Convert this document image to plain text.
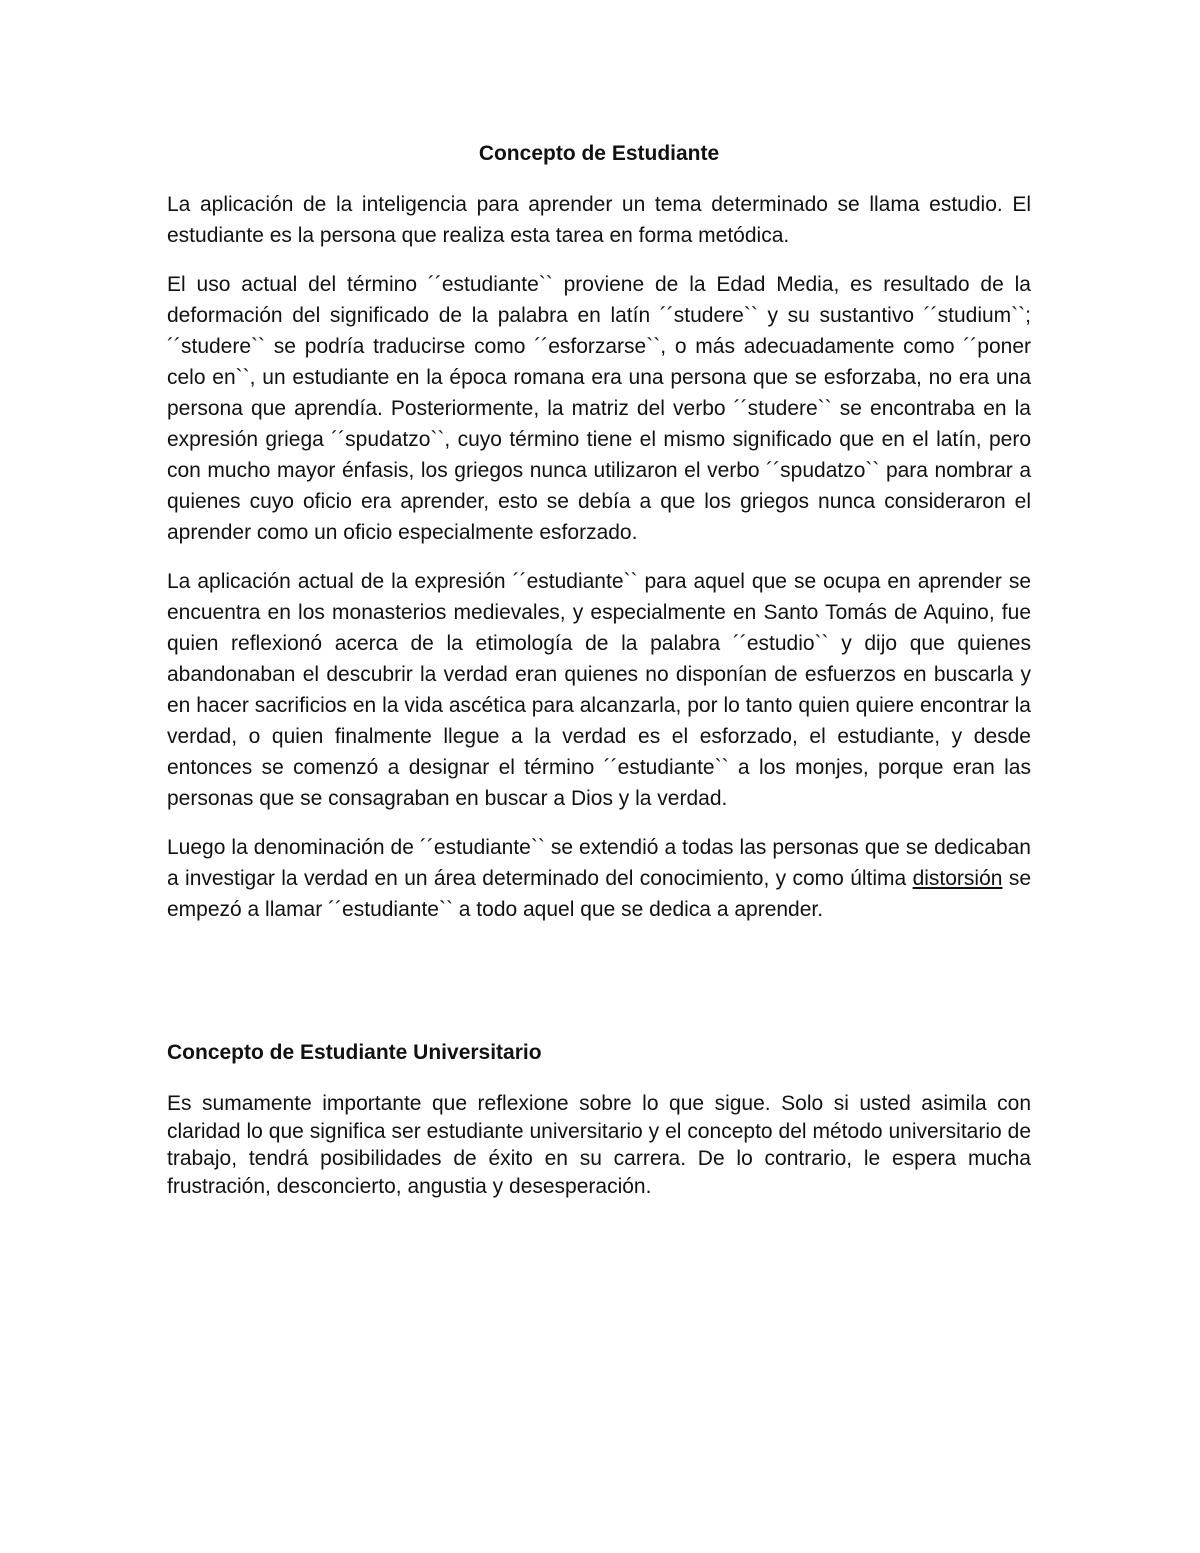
Concepto de Estudiante

La aplicación de la inteligencia para aprender un tema determinado se llama estudio. El estudiante es la persona que realiza esta tarea en forma metódica.

El uso actual del término ´´estudiante`` proviene de la Edad Media, es resultado de la deformación del significado de la palabra en latín ´´studere`` y su sustantivo ´´studium``; ´´studere`` se podría traducirse como ´´esforzarse``, o más adecuadamente como ´´poner celo en``, un estudiante en la época romana era una persona que se esforzaba, no era una persona que aprendía. Posteriormente, la matriz del verbo ´´studere`` se encontraba en la expresión griega ´´spudatzo``, cuyo término tiene el mismo significado que en el latín, pero con mucho mayor énfasis, los griegos nunca utilizaron el verbo ´´spudatzo`` para nombrar a quienes cuyo oficio era aprender, esto se debía a que los griegos nunca consideraron el aprender como un oficio especialmente esforzado.

La aplicación actual de la expresión ´´estudiante`` para aquel que se ocupa en aprender se encuentra en los monasterios medievales, y especialmente en Santo Tomás de Aquino, fue quien reflexionó acerca de la etimología de la palabra ´´estudio`` y dijo que quienes abandonaban el descubrir la verdad eran quienes no disponían de esfuerzos en buscarla y en hacer sacrificios en la vida ascética para alcanzarla, por lo tanto quien quiere encontrar la verdad, o quien finalmente llegue a la verdad es el esforzado, el estudiante, y desde entonces se comenzó a designar el término ´´estudiante`` a los monjes, porque eran las personas que se consagraban en buscar a Dios y la verdad.

Luego la denominación de ´´estudiante`` se extendió a todas las personas que se dedicaban a investigar la verdad en un área determinado del conocimiento, y como última distorsión se empezó a llamar ´´estudiante`` a todo aquel que se dedica a aprender.

Concepto de Estudiante Universitario

Es sumamente importante que reflexione sobre lo que sigue. Solo si usted asimila con claridad lo que significa ser estudiante universitario y el concepto del método universitario de trabajo, tendrá posibilidades de éxito en su carrera. De lo contrario, le espera mucha frustración, desconcierto, angustia y desesperación.
